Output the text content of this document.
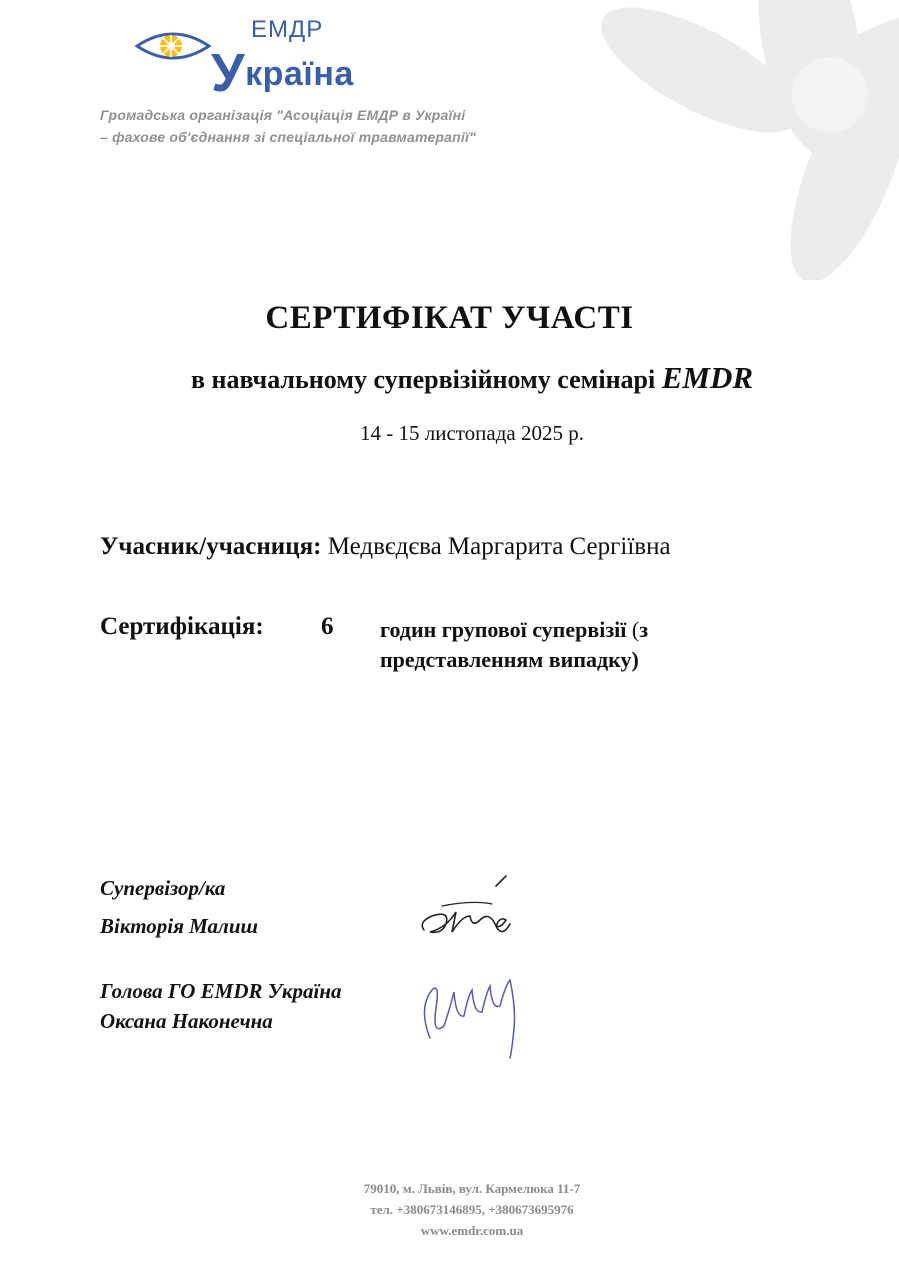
ЕМДР
Україна
Громадська організація "Асоціація ЕМДР в Україні
– фахове об'єднання зі спеціальної травматерапії"
СЕРТИФІКАТ УЧАСТІ
в навчальному супервізійному семінарі EMDR
14 - 15 листопада 2025 р.
Учасник/учасниця: Медвєдєва Маргарита Сергіївна
Сертифікація: 6 годин групової супервізії (з представленням випадку)
Супервізор/ка
Вікторія Малиш
Голова ГО EMDR Україна
Оксана Наконечна
79010, м. Львів, вул. Кармелюка 11-7
тел. +380673146895, +380673695976
www.emdr.com.ua
